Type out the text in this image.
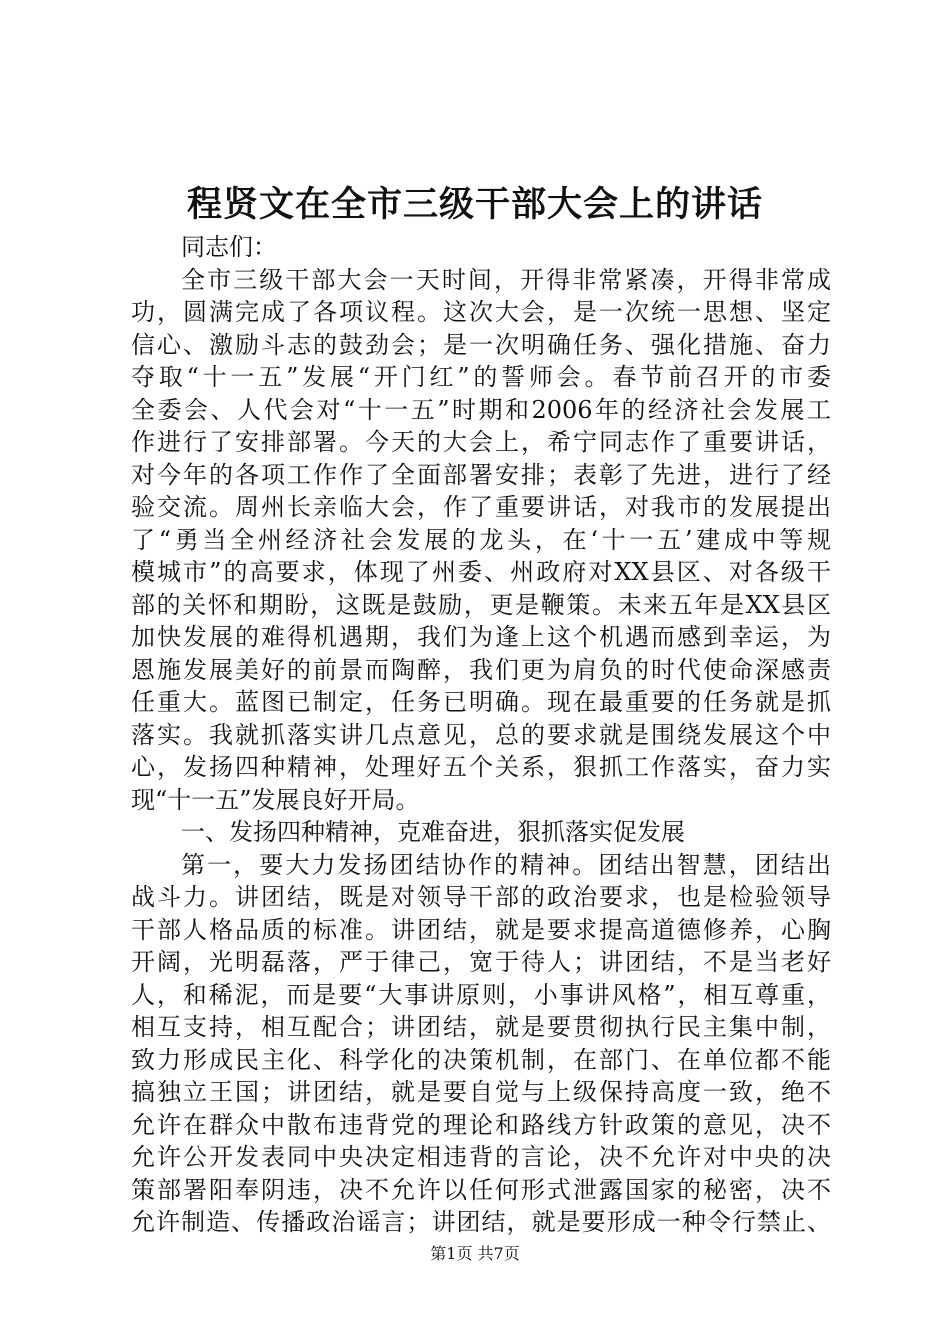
程贤文在全市三级干部大会上的讲话
同志们：
全市三级干部大会一天时间，开得非常紧凑，开得非常成
功，圆满完成了各项议程。这次大会，是一次统一思想、坚定
信心、激励斗志的鼓劲会；是一次明确任务、强化措施、奋力
夺取“十一五”发展“开门红”的誓师会。春节前召开的市委
全委会、人代会对“十一五”时期和2006年的经济社会发展工
作进行了安排部署。今天的大会上，希宁同志作了重要讲话，
对今年的各项工作作了全面部署安排；表彰了先进，进行了经
验交流。周州长亲临大会，作了重要讲话，对我市的发展提出
了“勇当全州经济社会发展的龙头，在‘十一五’建成中等规
模城市”的高要求，体现了州委、州政府对XX县区、对各级干
部的关怀和期盼，这既是鼓励，更是鞭策。未来五年是XX县区
加快发展的难得机遇期，我们为逢上这个机遇而感到幸运，为
恩施发展美好的前景而陶醉，我们更为肩负的时代使命深感责
任重大。蓝图已制定，任务已明确。现在最重要的任务就是抓
落实。我就抓落实讲几点意见，总的要求就是围绕发展这个中
心，发扬四种精神，处理好五个关系，狠抓工作落实，奋力实
现“十一五”发展良好开局。
一、发扬四种精神，克难奋进，狠抓落实促发展
第一，要大力发扬团结协作的精神。团结出智慧，团结出
战斗力。讲团结，既是对领导干部的政治要求，也是检验领导
干部人格品质的标准。讲团结，就是要求提高道德修养，心胸
开阔，光明磊落，严于律己，宽于待人；讲团结，不是当老好
人，和稀泥，而是要“大事讲原则，小事讲风格”，相互尊重，
相互支持，相互配合；讲团结，就是要贯彻执行民主集中制，
致力形成民主化、科学化的决策机制，在部门、在单位都不能
搞独立王国；讲团结，就是要自觉与上级保持高度一致，绝不
允许在群众中散布违背党的理论和路线方针政策的意见，决不
允许公开发表同中央决定相违背的言论，决不允许对中央的决
策部署阳奉阴违，决不允许以任何形式泄露国家的秘密，决不
允许制造、传播政治谣言；讲团结，就是要形成一种令行禁止、
第1页 共7页
